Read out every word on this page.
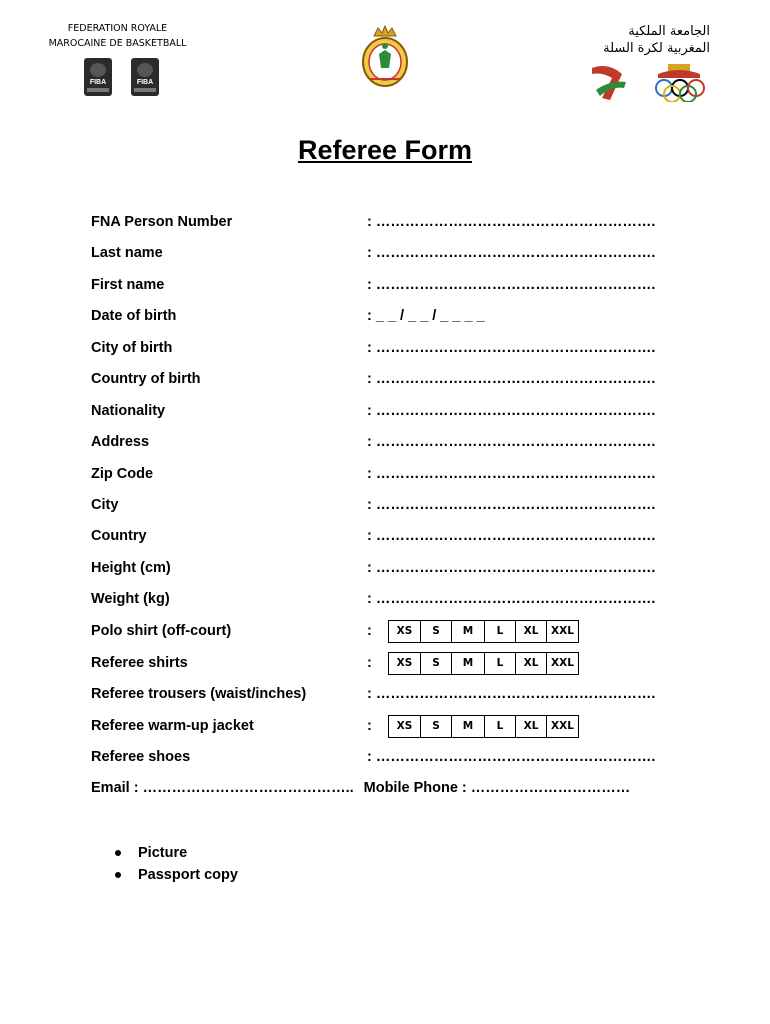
FEDERATION ROYALE
MAROCAINE DE BASKETBALL
FIBA	FIBA
الجامعة الملكية
المغربية لكرة السلة
Referee Form
FNA Person Number	: ………………………………………………….
Last name	: ………………………………………………….
First name	: ………………………………………………….
Date of birth	: _ _ / _ _ / _ _ _ _
City of birth	: ………………………………………………….
Country of birth	: ………………………………………………….
Nationality	: ………………………………………………….
Address	: ………………………………………………….
Zip Code	: ………………………………………………….
City	: ………………………………………………….
Country	: ………………………………………………….
Height (cm)	: ………………………………………………….
Weight (kg)	: ………………………………………………….
Polo shirt (off-court)	:	XS	S	M	L	XL	XXL
Referee shirts	:	XS	S	M	L	XL	XXL
Referee trousers (waist/inches)	: ………………………………………………….
Referee warm-up jacket	:	XS	S	M	L	XL	XXL
Referee shoes	: ………………………………………………….
Email : …………………………………….. Mobile Phone : ……………………………
Picture
Passport copy
